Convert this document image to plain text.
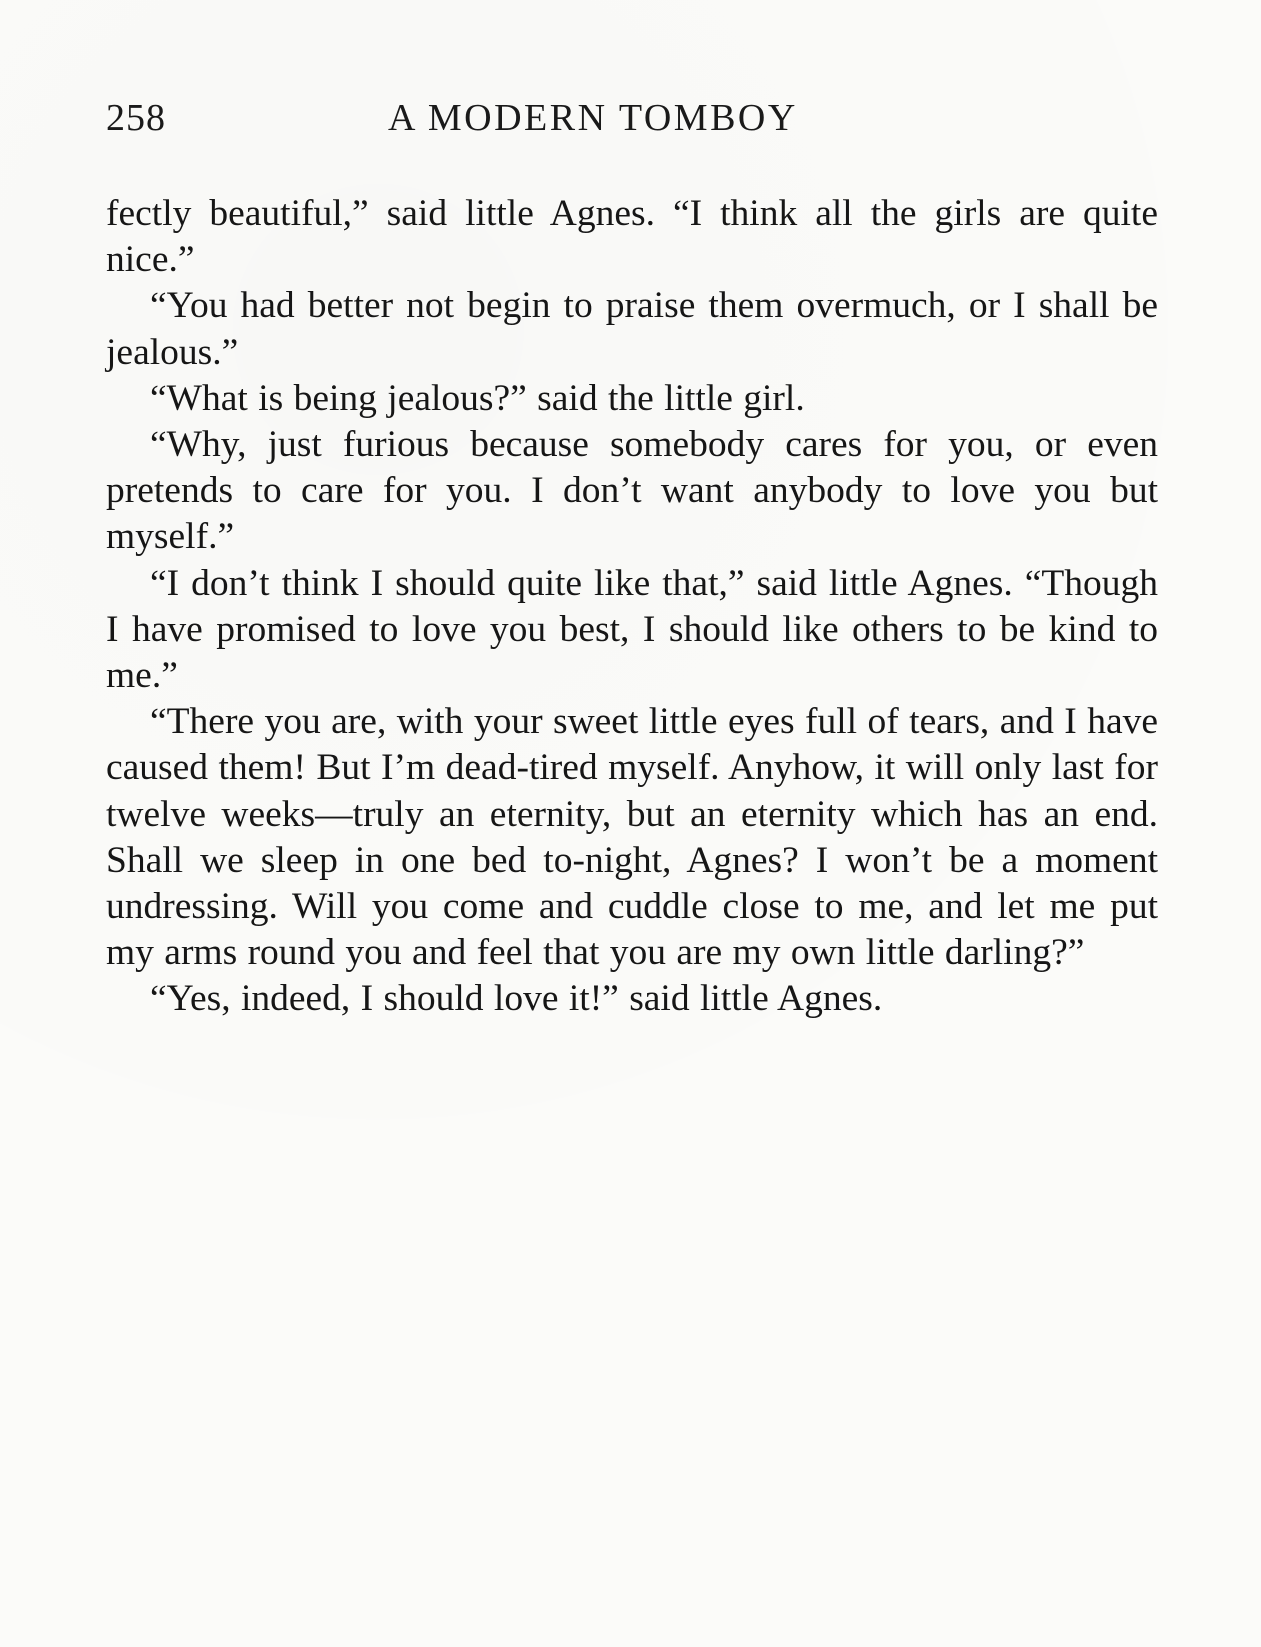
258	A MODERN TOMBOY

fectly beautiful,” said little Agnes. “I think all the girls are quite nice.”

“You had better not begin to praise them overmuch, or I shall be jealous.”

“What is being jealous?” said the little girl.

“Why, just furious because somebody cares for you, or even pretends to care for you. I don’t want anybody to love you but myself.”

“I don’t think I should quite like that,” said little Agnes. “Though I have promised to love you best, I should like others to be kind to me.”

“There you are, with your sweet little eyes full of tears, and I have caused them! But I’m dead-tired myself. Anyhow, it will only last for twelve weeks—truly an eternity, but an eternity which has an end. Shall we sleep in one bed to-night, Agnes? I won’t be a moment undressing. Will you come and cuddle close to me, and let me put my arms round you and feel that you are my own little darling?”

“Yes, indeed, I should love it!” said little Agnes.
